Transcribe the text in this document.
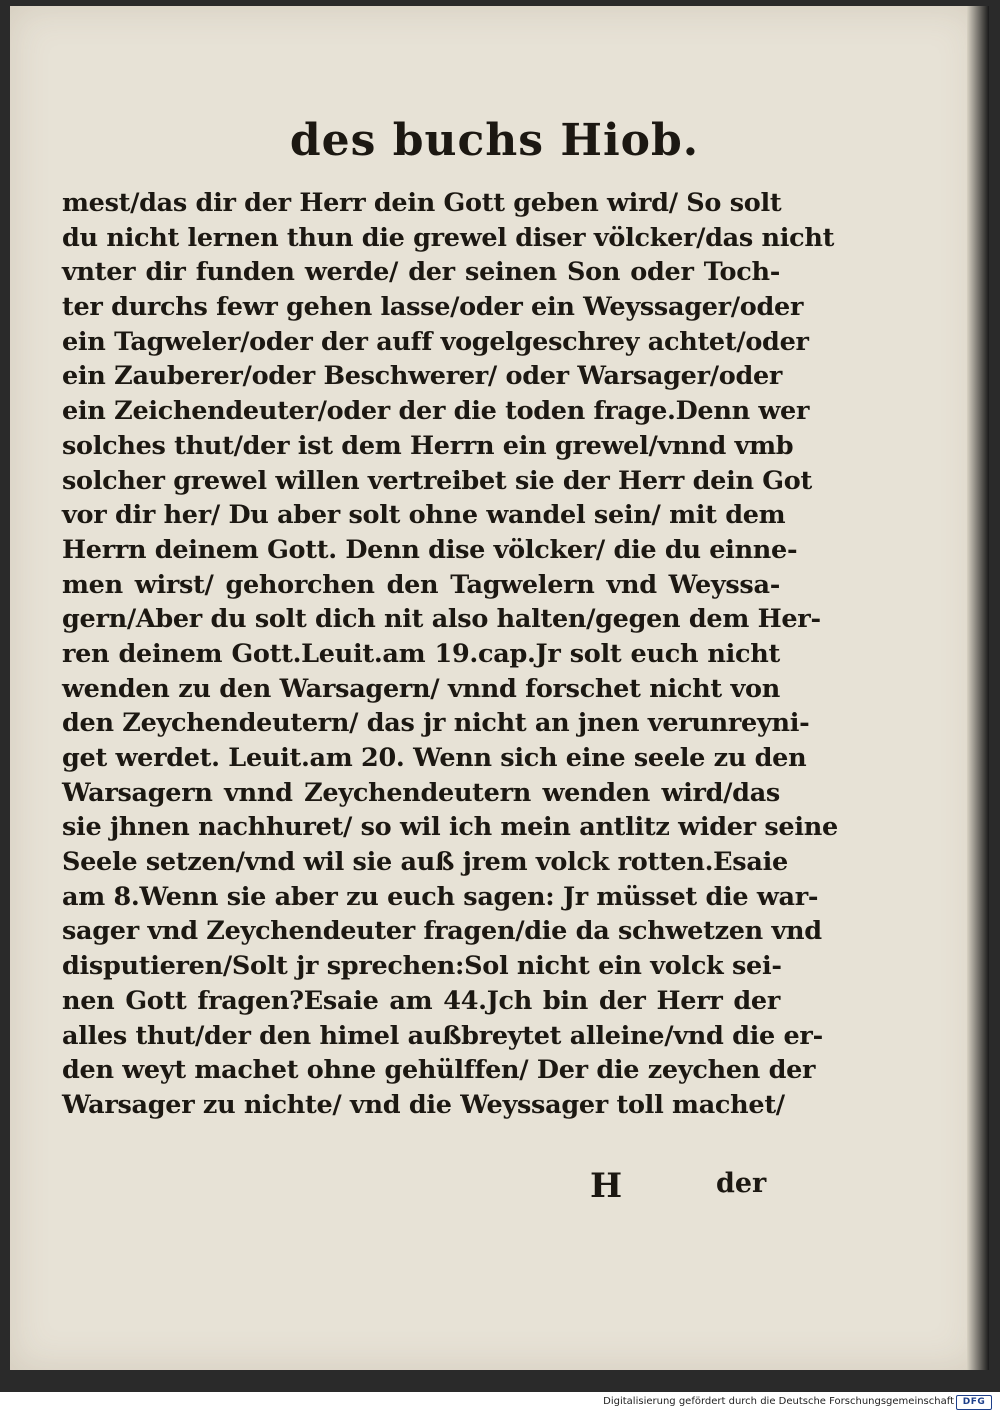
des buchs Hiob.
mest/das dir der Herr dein Gott geben wird/ So solt
du nicht lernen thun die grewel diser völcker/das nicht
vnter dir funden werde/ der seinen Son oder Toch-
ter durchs fewr gehen lasse/oder ein Weyssager/oder
ein Tagweler/oder der auff vogelgeschrey achtet/oder
ein Zauberer/oder Beschwerer/ oder Warsager/oder
ein Zeichendeuter/oder der die toden frage.Denn wer
solches thut/der ist dem Herrn ein grewel/vnnd vmb
solcher grewel willen vertreibet sie der Herr dein Got
vor dir her/ Du aber solt ohne wandel sein/ mit dem
Herrn deinem Gott. Denn dise völcker/ die du einne-
men wirst/ gehorchen den Tagwelern vnd Weyssa-
gern/Aber du solt dich nit also halten/gegen dem Her-
ren deinem Gott.Leuit.am 19.cap.Jr solt euch nicht
wenden zu den Warsagern/ vnnd forschet nicht von
den Zeychendeutern/ das jr nicht an jnen verunreyni-
get werdet. Leuit.am 20. Wenn sich eine seele zu den
Warsagern vnnd Zeychendeutern wenden wird/das
sie jhnen nachhuret/ so wil ich mein antlitz wider seine
Seele setzen/vnd wil sie auß jrem volck rotten.Esaie
am 8.Wenn sie aber zu euch sagen: Jr müsset die war-
sager vnd Zeychendeuter fragen/die da schwetzen vnd
disputieren/Solt jr sprechen:Sol nicht ein volck sei-
nen Gott fragen?Esaie am 44.Jch bin der Herr der
alles thut/der den himel außbreytet alleine/vnd die er-
den weyt machet ohne gehülffen/ Der die zeychen der
Warsager zu nichte/ vnd die Weyssager toll machet/
H	der
Digitalisierung gefördert durch die Deutsche Forschungsgemeinschaft DFG
